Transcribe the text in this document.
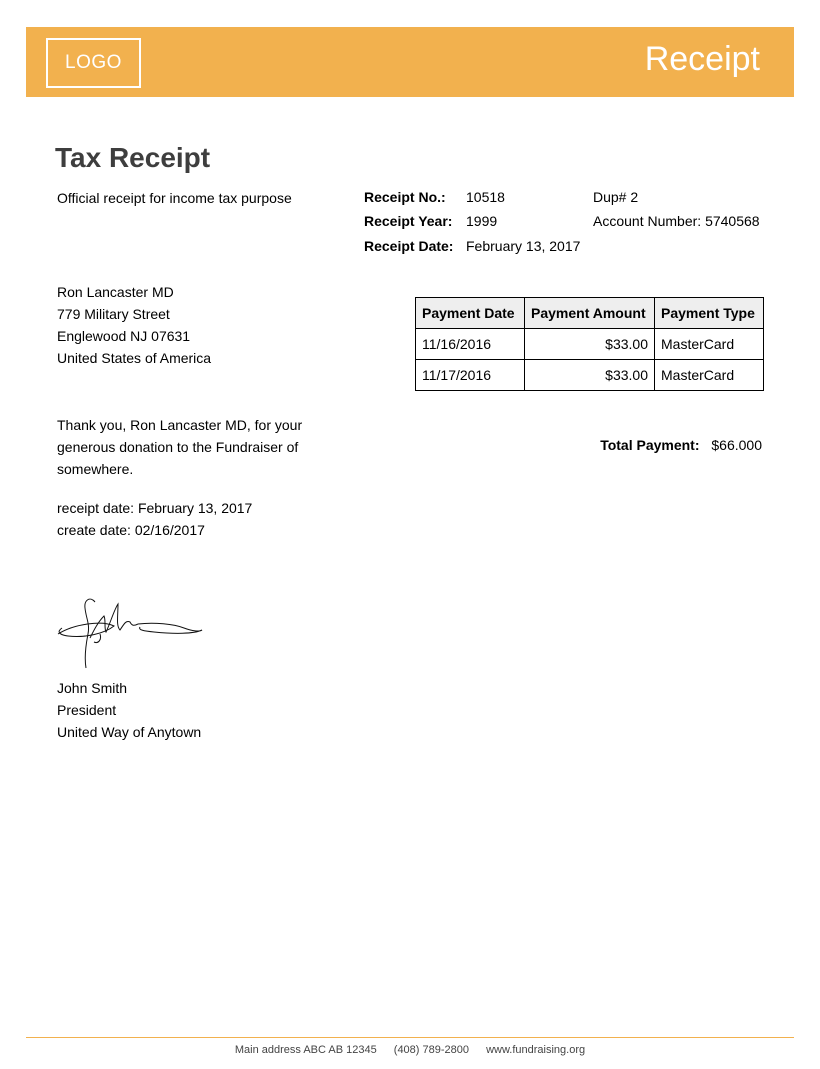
LOGO	Receipt
Tax Receipt
Official receipt for income tax purpose	Receipt No.: 10518
Receipt Year: 1999
Receipt Date: February 13, 2017
Dup# 2
Account Number: 5740568
Ron Lancaster MD
779 Military Street
Englewood NJ 07631
United States of America
Payment Date	Payment Amount	Payment Type
11/16/2016	$33.00	MasterCard
11/17/2016	$33.00	MasterCard
Total Payment: $66.000
Thank you, Ron Lancaster MD, for your generous donation to the Fundraiser of somewhere.
receipt date: February 13, 2017
create date: 02/16/2017
John Smith
President
United Way of Anytown
Main address ABC AB 12345 (408) 789-2800 www.fundraising.org
